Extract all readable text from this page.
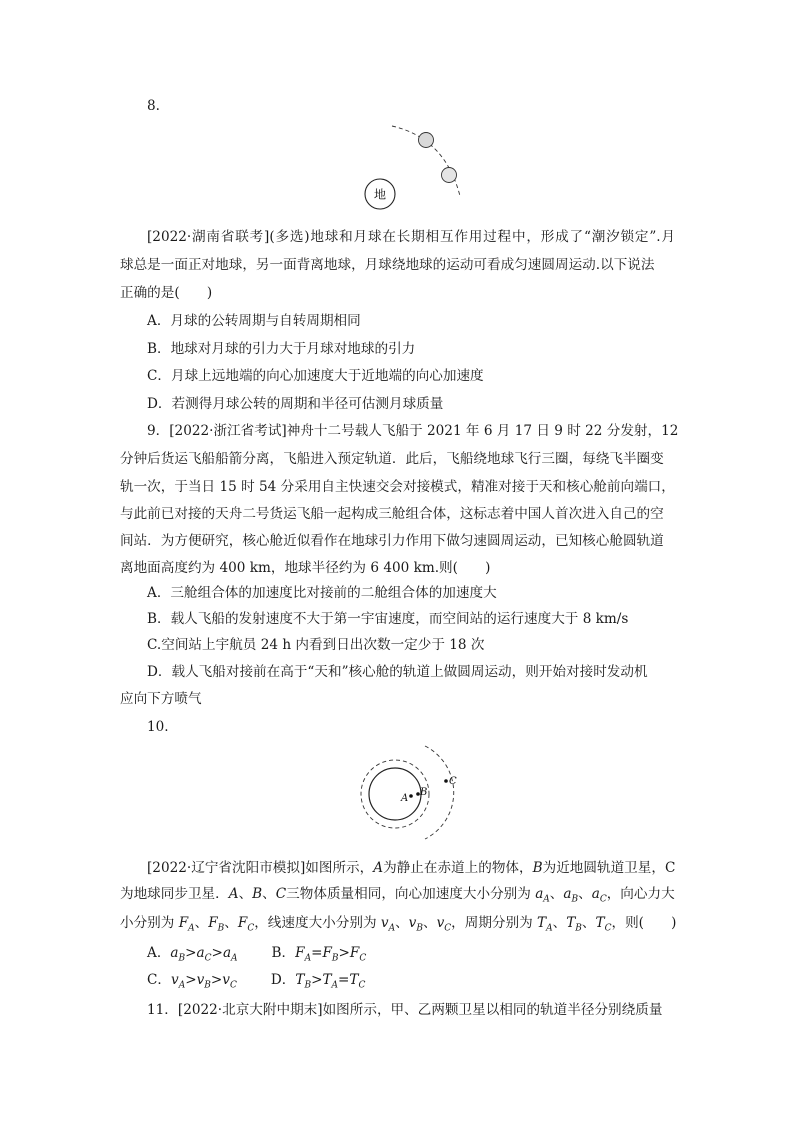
8.
地
[2022·湖南省联考](多选)地球和月球在长期相互作用过程中，形成了“潮汐锁定”.月
球总是一面正对地球，另一面背离地球，月球绕地球的运动可看成匀速圆周运动.以下说法
正确的是(　　)
A．月球的公转周期与自转周期相同
B．地球对月球的引力大于月球对地球的引力
C．月球上远地端的向心加速度大于近地端的向心加速度
D．若测得月球公转的周期和半径可估测月球质量
9．[2022·浙江省考试]神舟十二号载人飞船于 2021 年 6 月 17 日 9 时 22 分发射，12
分钟后货运飞船船箭分离，飞船进入预定轨道．此后，飞船绕地球飞行三圈，每绕飞半圈变
轨一次，于当日 15 时 54 分采用自主快速交会对接模式，精准对接于天和核心舱前向端口，
与此前已对接的天舟二号货运飞船一起构成三舱组合体，这标志着中国人首次进入自己的空
间站．为方便研究，核心舱近似看作在地球引力作用下做匀速圆周运动，已知核心舱圆轨道
离地面高度约为 400 km，地球半径约为 6 400 km.则(　　)
A．三舱组合体的加速度比对接前的二舱组合体的加速度大
B．载人飞船的发射速度不大于第一宇宙速度，而空间站的运行速度大于 8 km/s
C.空间站上宇航员 24 h 内看到日出次数一定少于 18 次
D．载人飞船对接前在高于“天和”核心舱的轨道上做圆周运动，则开始对接时发动机
应向下方喷气
10.
A
B
C
[2022·辽宁省沈阳市模拟]如图所示，A为静止在赤道上的物体，B为近地圆轨道卫星，C
为地球同步卫星．A、B、C三物体质量相同，向心加速度大小分别为 $a_A$、$a_B$、$a_C$，向心力大
小分别为 $F_A$、$F_B$、$F_C$，线速度大小分别为 $v_A$、$v_B$、$v_C$，周期分别为 $T_A$、$T_B$、$T_C$，则(　　)
A．$a_B>a_C>a_A$	B．$F_A=F_B>F_C$
C．$v_A>v_B>v_C$	D．$T_B>T_A=T_C$
11．[2022·北京大附中期末]如图所示，甲、乙两颗卫星以相同的轨道半径分别绕质量
